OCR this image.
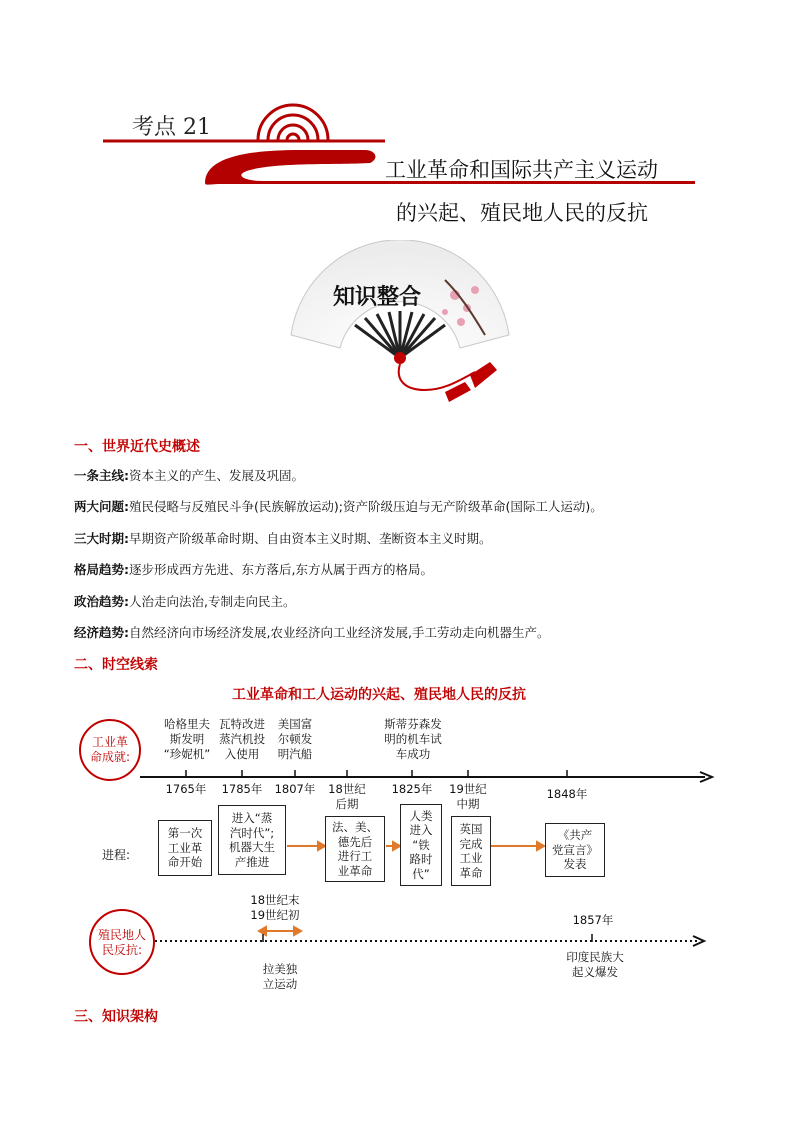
考点 21
工业革命和国际共产主义运动
的兴起、殖民地人民的反抗
知识整合
一、世界近代史概述
一条主线:资本主义的产生、发展及巩固。
两大问题:殖民侵略与反殖民斗争(民族解放运动);资产阶级压迫与无产阶级革命(国际工人运动)。
三大时期:早期资产阶级革命时期、自由资本主义时期、垄断资本主义时期。
格局趋势:逐步形成西方先进、东方落后,东方从属于西方的格局。
政治趋势:人治走向法治,专制走向民主。
经济趋势:自然经济向市场经济发展,农业经济向工业经济发展,手工劳动走向机器生产。
二、时空线索
工业革命和工人运动的兴起、殖民地人民的反抗
工业革
命成就:
殖民地人
民反抗:
哈格里夫
斯发明
“珍妮机”
瓦特改进
蒸汽机投
入使用
美国富
尔顿发
明汽船
斯蒂芬森发
明的机车试
车成功
1765年	1785年	1807年	18世纪
后期
1825年	19世纪
中期
1848年
进程:
第一次
工业革
命开始
进入“蒸
汽时代”;
机器大生
产推进
法、美、
德先后
进行工
业革命
人类
进入
“铁
路时
代”
英国
完成
工业
革命
《共产
党宣言》
发表
18世纪末
19世纪初
拉美独
立运动
1857年
印度民族大
起义爆发
三、知识架构
